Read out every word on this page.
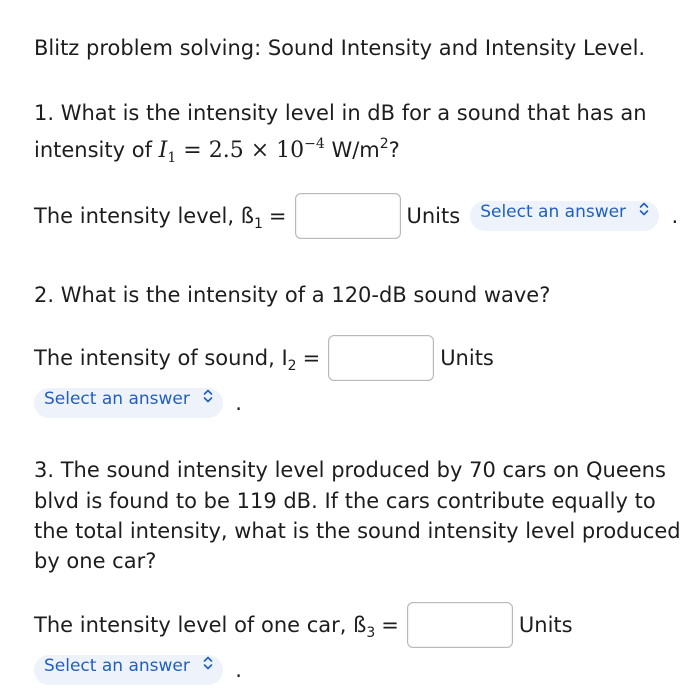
Blitz problem solving: Sound Intensity and Intensity Level.
1. What is the intensity level in dB for a sound that has an
intensity of $I_1 = 2.5 \times 10^{-4}$ $W/m^2$?
The intensity level, $ß_1$ =	Units	Select an answer	.
2. What is the intensity of a 120-dB sound wave?
The intensity of sound, $I_2$ =	Units
Select an answer	.
3. The sound intensity level produced by 70 cars on Queens
blvd is found to be 119 dB. If the cars contribute equally to
the total intensity, what is the sound intensity level produced
by one car?
The intensity level of one car, $ß_3$ =	Units
Select an answer	.
